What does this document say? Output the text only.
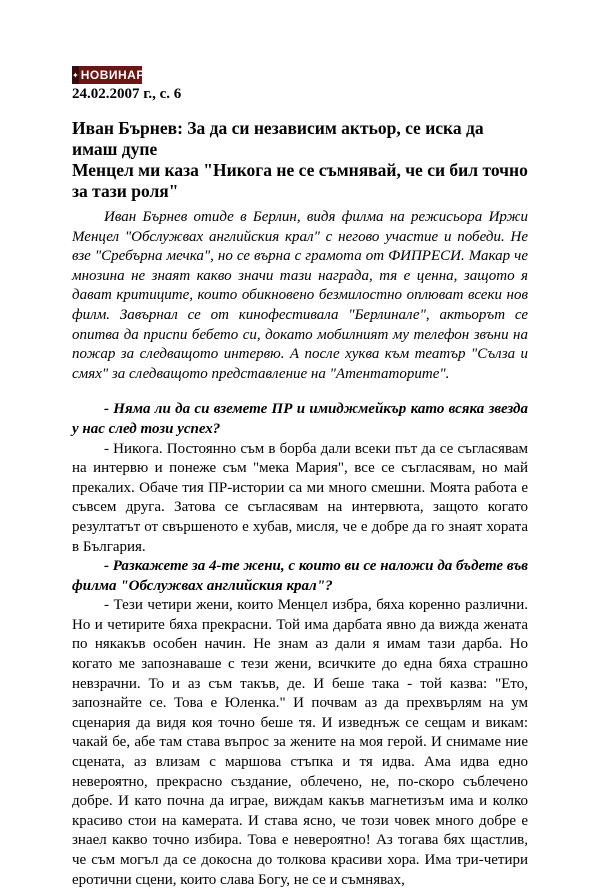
✦ НОВИНАР
24.02.2007 г., с. 6

Иван Бърнев: За да си независим актьор, се иска да имаш дупе

Менцел ми каза "Никога не се съмнявай, че си бил точно за тази роля"

Иван Бърнев отиде в Берлин, видя филма на режисьора Иржи Менцел "Обслужвах английския крал" с негово участие и победи. Не взе "Сребърна мечка", но се върна с грамота от ФИПРЕСИ. Макар че мнозина не знаят какво значи тази награда, тя е ценна, защото я дават критиците, които обикновено безмилостно оплюват всеки нов филм. Завърнал се от кинофестивала "Берлинале", актьорът се опитва да приспи бебето си, докато мобилният му телефон звъни на пожар за следващото интервю. А после хуква към театър "Сълза и смях" за следващото представление на "Атентаторите".

- Няма ли да си вземете ПР и имиджмейкър като всяка звезда у нас след този успех?

- Никога. Постоянно съм в борба дали всеки път да се съгласявам на интервю и понеже съм "мека Мария", все се съгласявам, но май прекалих. Обаче тия ПР-истории са ми много смешни. Моята работа е съвсем друга. Затова се съгласявам на интервюта, защото когато резултатът от свършеното е хубав, мисля, че е добре да го знаят хората в България.

- Разкажете за 4-те жени, с които ви се наложи да бъдете във филма "Обслужвах английския крал"?

- Тези четири жени, които Менцел избра, бяха коренно различни. Но и четирите бяха прекрасни. Той има дарбата явно да вижда жената по някакъв особен начин. Не знам аз дали я имам тази дарба. Но когато ме запознаваше с тези жени, всичките до една бяха страшно невзрачни. То и аз съм такъв, де. И беше така - той казва: "Ето, запознайте се. Това е Юленка." И почвам аз да прехвърлям на ум сценария да видя коя точно беше тя. И изведнъж се сещам и викам: чакай бе, абе там става въпрос за жените на моя герой. И снимаме ние сцената, аз влизам с маршова стъпка и тя идва. Ама идва едно невероятно, прекрасно създание, облечено, не, по-скоро съблечено добре. И като почна да играе, виждам какъв магнетизъм има и колко красиво стои на камерата. И става ясно, че този човек много добре е знаел какво точно избира. Това е невероятно! Аз тогава бях щастлив, че съм могъл да се докосна до толкова красиви хора. Има три-четири еротични сцени, които слава Богу, не се и съмнявах,
